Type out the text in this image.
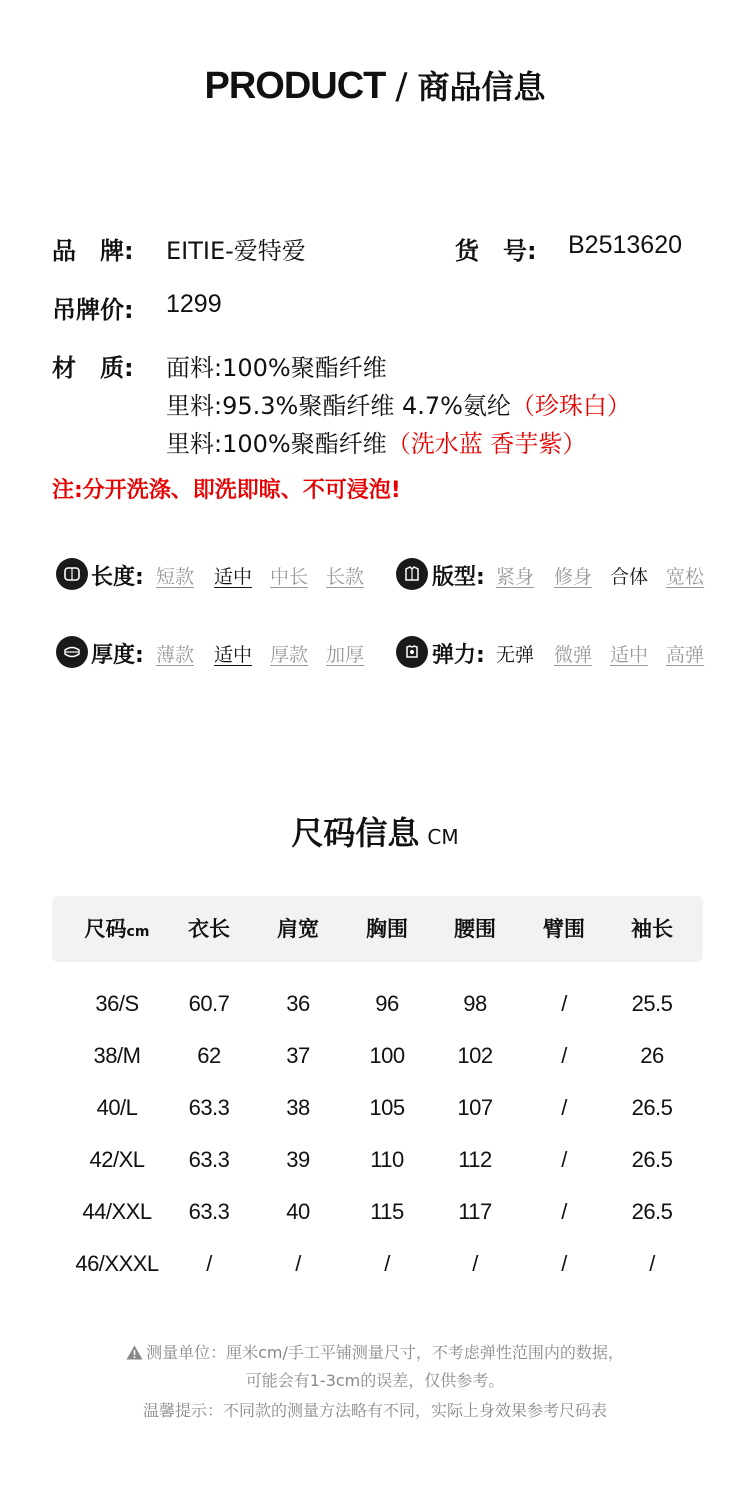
PRODUCT / 商品信息
品　牌:	EITIE-爱特爱	货　号:	B2513620
吊牌价:	1299
材　质:	面料:100%聚酯纤维
里料:95.3%聚酯纤维 4.7%氨纶（珍珠白）
里料:100%聚酯纤维（洗水蓝 香芋紫）
注:分开洗涤、即洗即晾、不可浸泡!
长度: 短款 适中 中长 长款	版型: 紧身 修身 合体 宽松
厚度: 薄款 适中 厚款 加厚	弹力: 无弹 微弹 适中 高弹
尺码信息 CM
尺码cm	衣长	肩宽	胸围	腰围	臂围	袖长
36/S	60.7	36	96	98	/	25.5
38/M	62	37	100	102	/	26
40/L	63.3	38	105	107	/	26.5
42/XL	63.3	39	110	112	/	26.5
44/XXL	63.3	40	115	117	/	26.5
46/XXXL	/	/	/	/	/	/
测量单位：厘米cm/手工平铺测量尺寸，不考虑弹性范围内的数据，
可能会有1-3cm的误差，仅供参考。
温馨提示：不同款的测量方法略有不同，实际上身效果参考尺码表
